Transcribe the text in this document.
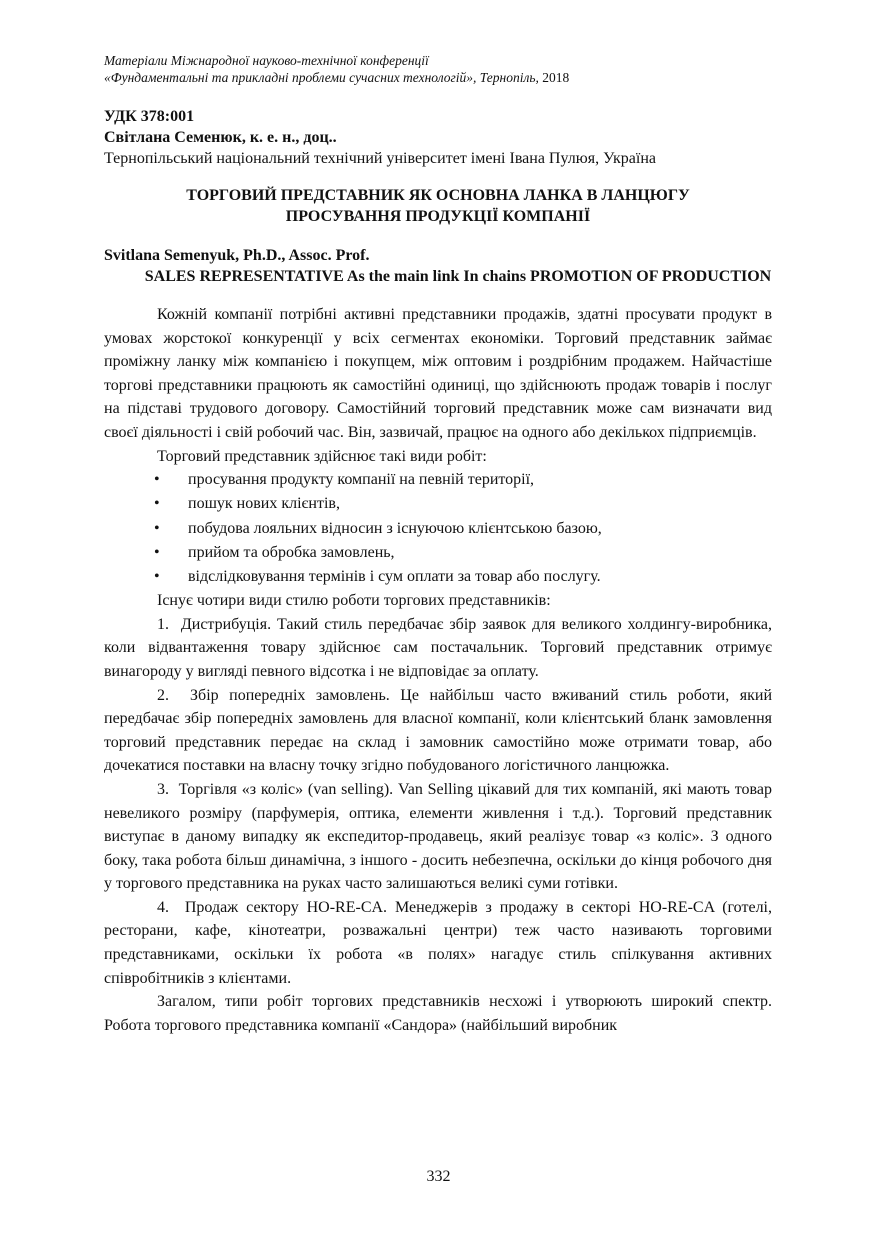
Матеріали Міжнародної науково-технічної конференції
«Фундаментальні та прикладні проблеми сучасних технологій», Тернопіль, 2018
УДК 378:001
Світлана Семенюк, к. е. н., доц..
Тернопільський національний технічний університет імені Івана Пулюя, Україна
ТОРГОВИЙ ПРЕДСТАВНИК ЯК ОСНОВНА ЛАНКА В ЛАНЦЮГУ ПРОСУВАННЯ ПРОДУКЦІЇ КОМПАНІЇ
Svitlana Semenyuk, Ph.D., Assoc. Prof.
SALES REPRESENTATIVE As the main link In chains PROMOTION OF PRODUCTION

Кожній компанії потрібні активні представники продажів, здатні просувати продукт в умовах жорстокої конкуренції у всіх сегментах економіки. Торговий представник займає проміжну ланку між компанією і покупцем, між оптовим і роздрібним продажем. Найчастіше торгові представники працюють як самостійні одиниці, що здійснюють продаж товарів і послуг на підставі трудового договору. Самостійний торговий представник може сам визначати вид своєї діяльності і свій робочий час. Він, зазвичай, працює на одного або декількох підприємців.

Торговий представник здійснює такі види робіт:

• просування продукту компанії на певній території,
• пошук нових клієнтів,
• побудова лояльних відносин з існуючою клієнтською базою,
• прийом та обробка замовлень,
• відслідковування термінів і сум оплати за товар або послугу.

Існує чотири види стилю роботи торгових представників:

1.  Дистрибуція. Такий стиль передбачає збір заявок для великого холдингу-виробника, коли відвантаження товару здійснює сам постачальник. Торговий представник отримує винагороду у вигляді певного відсотка і не відповідає за оплату.

2.  Збір попередніх замовлень. Це найбільш часто вживаний стиль роботи, який передбачає збір попередніх замовлень для власної компанії, коли клієнтський бланк замовлення торговий представник передає на склад і замовник самостійно може отримати товар, або дочекатися поставки на власну точку згідно побудованого логістичного ланцюжка.

3.  Торгівля «з коліс» (van selling). Van Selling цікавий для тих компаній, які мають товар невеликого розміру (парфумерія, оптика, елементи живлення і т.д.). Торговий представник виступає в даному випадку як експедитор-продавець, який реалізує товар «з коліс». З одного боку, така робота більш динамічна, з іншого - досить небезпечна, оскільки до кінця робочого дня у торгового представника на руках часто залишаються великі суми готівки.

4.  Продаж сектору HO-RE-CA. Менеджерів з продажу в секторі HO-RE-CA (готелі, ресторани, кафе, кінотеатри, розважальні центри) теж часто називають торговими представниками, оскільки їх робота «в полях» нагадує стиль спілкування активних співробітників з клієнтами.

Загалом, типи робіт торгових представників несхожі і утворюють широкий спектр. Робота торгового представника компанії «Сандора» (найбільший виробник

332
